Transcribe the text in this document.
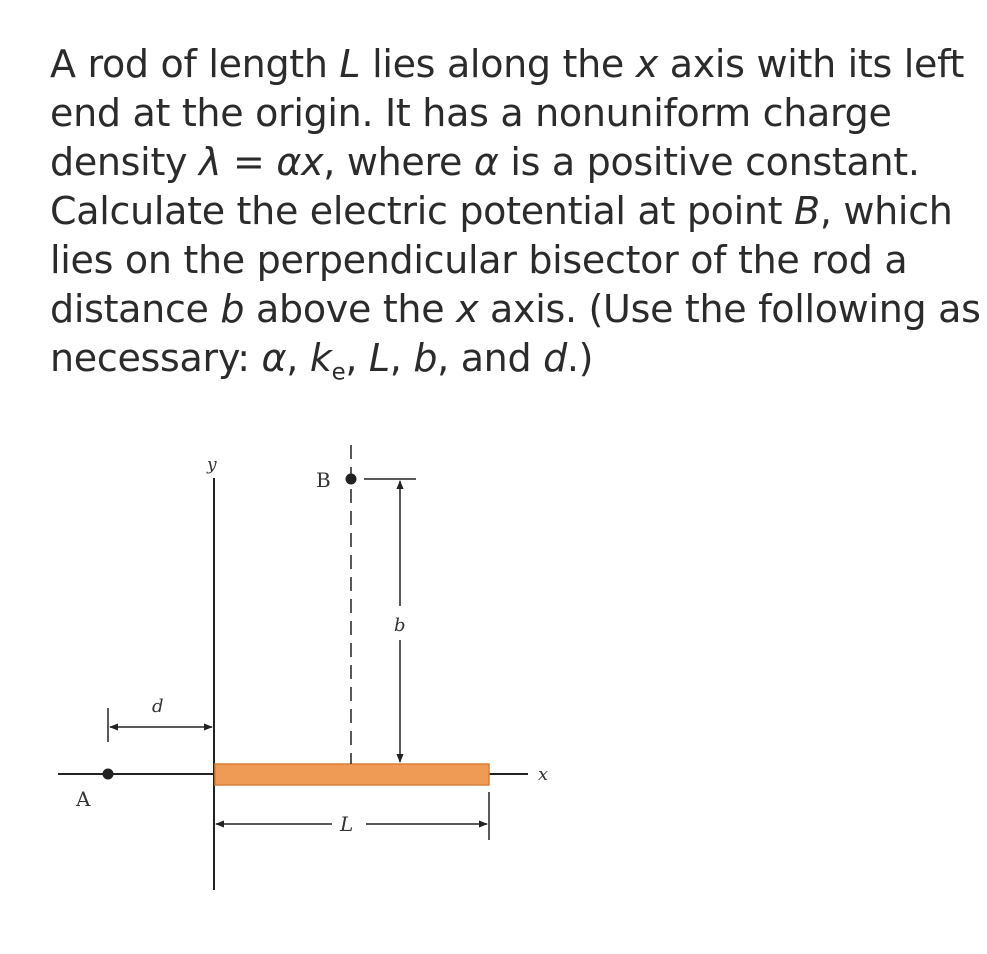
A rod of length L lies along the x axis with its left
end at the origin. It has a nonuniform charge
density λ = αx, where α is a positive constant.
Calculate the electric potential at point B, which
lies on the perpendicular bisector of the rod a
distance b above the x axis. (Use the following as
necessary: α, $k_e$, L, b, and d.)
y
x
A
d
B
b
L
